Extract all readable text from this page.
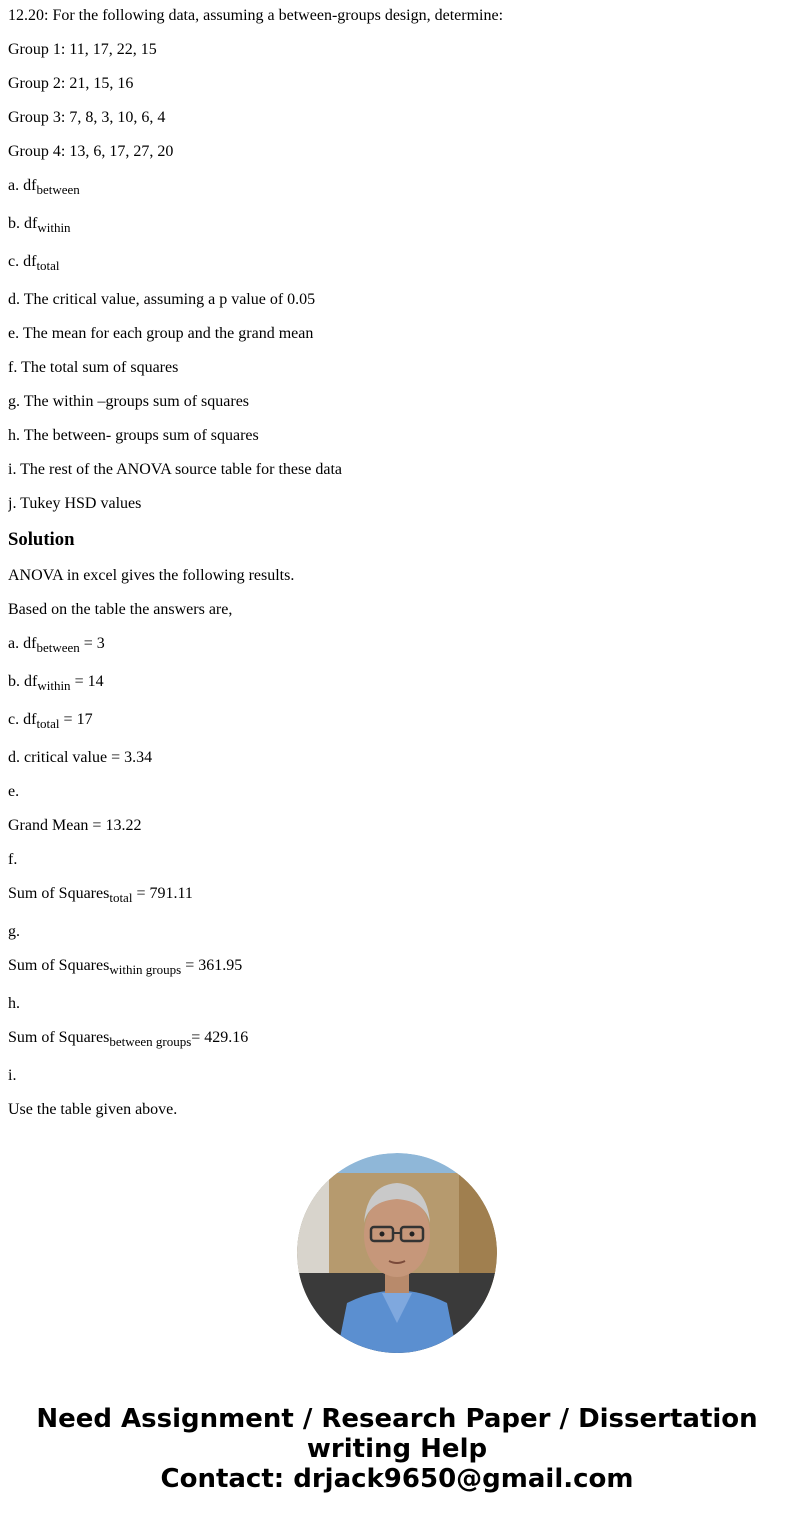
12.20: For the following data, assuming a between-groups design, determine:

Group 1: 11, 17, 22, 15

Group 2: 21, 15, 16

Group 3: 7, 8, 3, 10, 6, 4

Group 4: 13, 6, 17, 27, 20

a. $df_{between}$

b. $df_{within}$

c. $df_{total}$

d. The critical value, assuming a p value of 0.05

e. The mean for each group and the grand mean

f. The total sum of squares

g. The within –groups sum of squares

h. The between- groups sum of squares

i. The rest of the ANOVA source table for these data

j. Tukey HSD values

Solution

ANOVA in excel gives the following results.

Based on the table the answers are,

a. $df_{between} = 3$

b. $df_{within} = 14$

c. $df_{total} = 17$

d. critical value = 3.34

e.

Grand Mean = 13.22

f.

Sum of Squares$_{total}$ = 791.11

g.

Sum of Squares$_{within groups}$ = 361.95

h.

Sum of Squares$_{between groups}$= 429.16

i.

Use the table given above.

Need Assignment / Research Paper / Dissertation
writing Help
Contact: drjack9650@gmail.com
